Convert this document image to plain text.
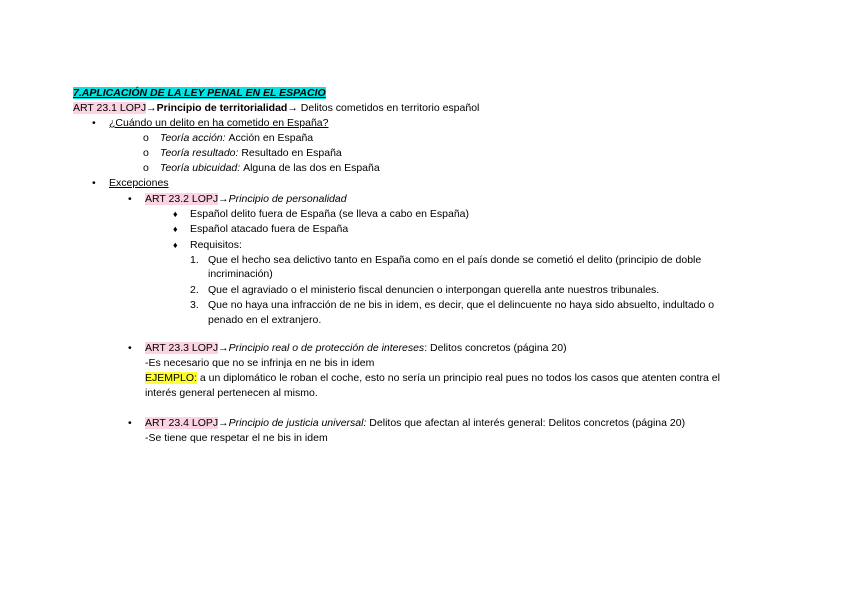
7.APLICACIÓN DE LA LEY PENAL EN EL ESPACIO
ART 23.1 LOPJ→Principio de territorialidad→ Delitos cometidos en territorio español
• ¿Cuándo un delito en ha cometido en España?
o Teoría acción: Acción en España
o Teoría resultado: Resultado en España
o Teoría ubicuidad: Alguna de las dos en España
• Excepciones
• ART 23.2 LOPJ→Principio de personalidad
♦ Español delito fuera de España (se lleva a cabo en España)
♦ Español atacado fuera de España
♦ Requisitos:
1. Que el hecho sea delictivo tanto en España como en el país donde se cometió el delito (principio de doble
incriminación)
2. Que el agraviado o el ministerio fiscal denuncien o interpongan querella ante nuestros tribunales.
3. Que no haya una infracción de ne bis in idem, es decir, que el delincuente no haya sido absuelto, indultado o
penado en el extranjero.
• ART 23.3 LOPJ→Principio real o de protección de intereses: Delitos concretos (página 20)
-Es necesario que no se infrinja en ne bis in idem
EJEMPLO: a un diplomático le roban el coche, esto no sería un principio real pues no todos los casos que atenten contra el
interés general pertenecen al mismo.
• ART 23.4 LOPJ→Principio de justicia universal: Delitos que afectan al interés general: Delitos concretos (página 20)
-Se tiene que respetar el ne bis in idem
